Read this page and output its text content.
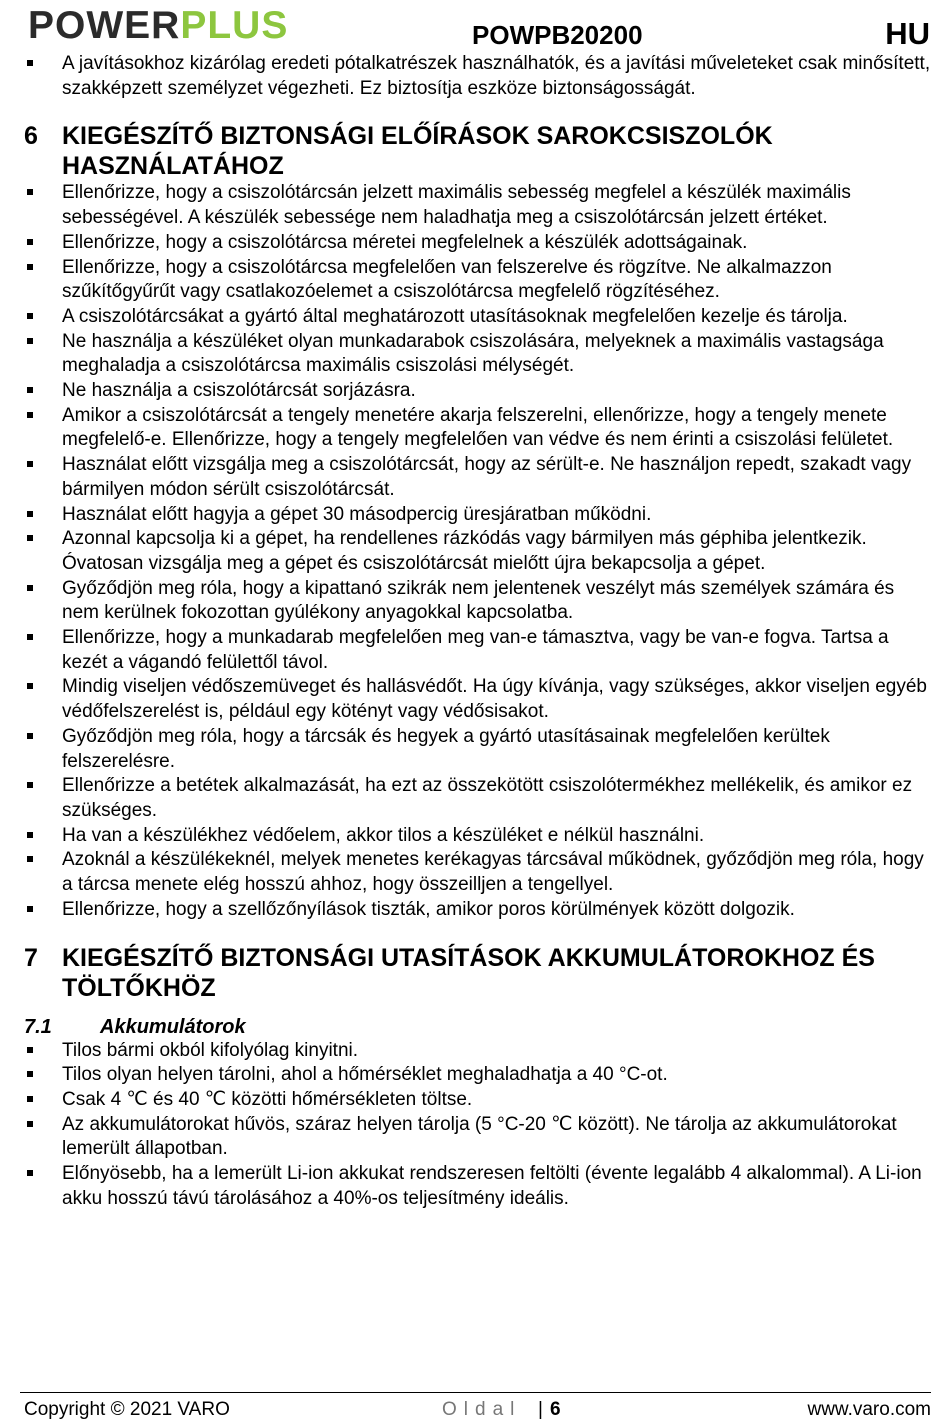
POWERPLUS	POWPB20200	HU
A javításokhoz kizárólag eredeti pótalkatrészek használhatók, és a javítási műveleteket csak minősített, szakképzett személyzet végezheti. Ez biztosítja eszköze biztonságosságát.
6 KIEGÉSZÍTŐ BIZTONSÁGI ELŐÍRÁSOK SAROKCSISZOLÓK HASZNÁLATÁHOZ
Ellenőrizze, hogy a csiszolótárcsán jelzett maximális sebesség megfelel a készülék maximális sebességével. A készülék sebessége nem haladhatja meg a csiszolótárcsán jelzett értéket.
Ellenőrizze, hogy a csiszolótárcsa méretei megfelelnek a készülék adottságainak.
Ellenőrizze, hogy a csiszolótárcsa megfelelően van felszerelve és rögzítve. Ne alkalmazzon szűkítőgyűrűt vagy csatlakozóelemet a csiszolótárcsa megfelelő rögzítéséhez.
A csiszolótárcsákat a gyártó által meghatározott utasításoknak megfelelően kezelje és tárolja.
Ne használja a készüléket olyan munkadarabok csiszolására, melyeknek a maximális vastagsága meghaladja a csiszolótárcsa maximális csiszolási mélységét.
Ne használja a csiszolótárcsát sorjázásra.
Amikor a csiszolótárcsát a tengely menetére akarja felszerelni, ellenőrizze, hogy a tengely menete megfelelő-e. Ellenőrizze, hogy a tengely megfelelően van védve és nem érinti a csiszolási felületet.
Használat előtt vizsgálja meg a csiszolótárcsát, hogy az sérült-e. Ne használjon repedt, szakadt vagy bármilyen módon sérült csiszolótárcsát.
Használat előtt hagyja a gépet 30 másodpercig üresjáratban működni.
Azonnal kapcsolja ki a gépet, ha rendellenes rázkódás vagy bármilyen más géphiba jelentkezik. Óvatosan vizsgálja meg a gépet és csiszolótárcsát mielőtt újra bekapcsolja a gépet.
Győződjön meg róla, hogy a kipattanó szikrák nem jelentenek veszélyt más személyek számára és nem kerülnek fokozottan gyúlékony anyagokkal kapcsolatba.
Ellenőrizze, hogy a munkadarab megfelelően meg van-e támasztva, vagy be van-e fogva. Tartsa a kezét a vágandó felülettől távol.
Mindig viseljen védőszemüveget és hallásvédőt. Ha úgy kívánja, vagy szükséges, akkor viseljen egyéb védőfelszerelést is, például egy kötényt vagy védősisakot.
Győződjön meg róla, hogy a tárcsák és hegyek a gyártó utasításainak megfelelően kerültek felszerelésre.
Ellenőrizze a betétek alkalmazását, ha ezt az összekötött csiszolótermékhez mellékelik, és amikor ez szükséges.
Ha van a készülékhez védőelem, akkor tilos a készüléket e nélkül használni.
Azoknál a készülékeknél, melyek menetes kerékagyas tárcsával működnek, győződjön meg róla, hogy a tárcsa menete elég hosszú ahhoz, hogy összeilljen a tengellyel.
Ellenőrizze, hogy a szellőzőnyílások tiszták, amikor poros körülmények között dolgozik.
7 KIEGÉSZÍTŐ BIZTONSÁGI UTASÍTÁSOK AKKUMULÁTOROKHOZ ÉS TÖLTŐKHÖZ
7.1 Akkumulátorok
Tilos bármi okból kifolyólag kinyitni.
Tilos olyan helyen tárolni, ahol a hőmérséklet meghaladhatja a 40 °C-ot.
Csak 4 ℃ és 40 ℃ közötti hőmérsékleten töltse.
Az akkumulátorokat hűvös, száraz helyen tárolja (5 °C-20 ℃ között). Ne tárolja az akkumulátorokat lemerült állapotban.
Előnyösebb, ha a lemerült Li-ion akkukat rendszeresen feltölti (évente legalább 4 alkalommal). A Li-ion akku hosszú távú tárolásához a 40%-os teljesítmény ideális.
Copyright © 2021 VARO	Oldal | 6	www.varo.com
